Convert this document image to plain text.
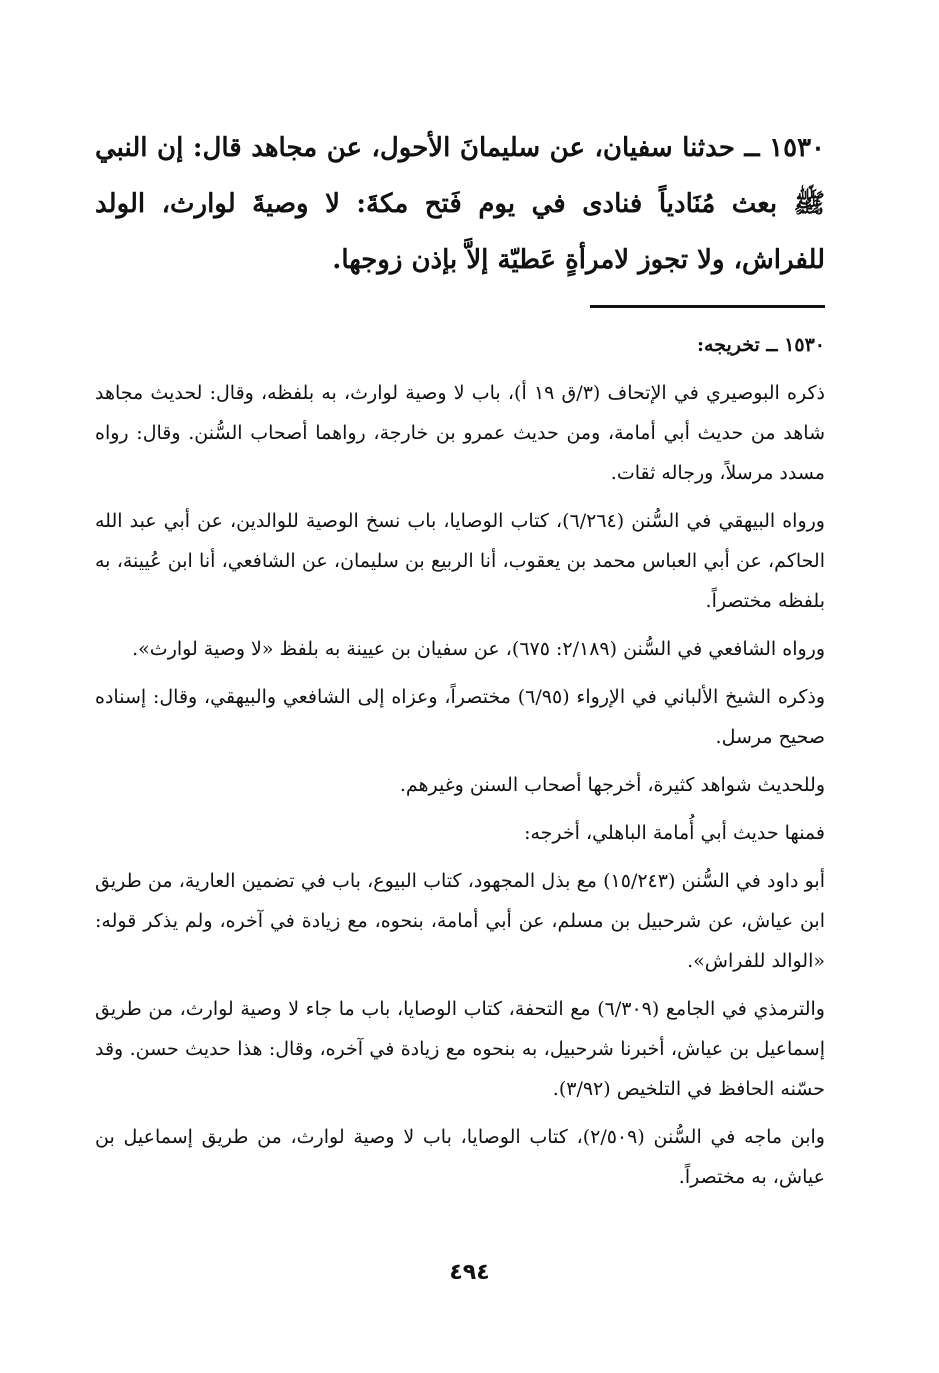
١٥٣٠ ــ حدثنا سفيان، عن سليمانَ الأحول، عن مجاهد قال: إن النبي ﷺ بعث مُنَادياً فنادى في يوم فَتح مكةَ: لا وصيةَ لوارث، الولد للفراش، ولا تجوز لامرأةٍ عَطيّة إلاَّ بإذن زوجها.

١٥٣٠ ــ تخريجه:

ذكره البوصيري في الإتحاف (٣/ق ١٩ أ)، باب لا وصية لوارث، به بلفظه، وقال: لحديث مجاهد شاهد من حديث أبي أمامة، ومن حديث عمرو بن خارجة، رواهما أصحاب السُّنن. وقال: رواه مسدد مرسلاً، ورجاله ثقات.

ورواه البيهقي في السُّنن (٦/٢٦٤)، كتاب الوصايا، باب نسخ الوصية للوالدين، عن أبي عبد الله الحاكم، عن أبي العباس محمد بن يعقوب، أنا الربيع بن سليمان، عن الشافعي، أنا ابن عُيينة، به بلفظه مختصراً.

ورواه الشافعي في السُّنن (٢/١٨٩: ٦٧٥)، عن سفيان بن عيينة به بلفظ «لا وصية لوارث».

وذكره الشيخ الألباني في الإرواء (٦/٩٥) مختصراً، وعزاه إلى الشافعي والبيهقي، وقال: إسناده صحيح مرسل.

وللحديث شواهد كثيرة، أخرجها أصحاب السنن وغيرهم.

فمنها حديث أبي أُمامة الباهلي، أخرجه:

أبو داود في السُّنن (١٥/٢٤٣) مع بذل المجهود، كتاب البيوع، باب في تضمين العارية، من طريق ابن عياش، عن شرحبيل بن مسلم، عن أبي أمامة، بنحوه، مع زيادة في آخره، ولم يذكر قوله: «الوالد للفراش».

والترمذي في الجامع (٦/٣٠٩) مع التحفة، كتاب الوصايا، باب ما جاء لا وصية لوارث، من طريق إسماعيل بن عياش، أخبرنا شرحبيل، به بنحوه مع زيادة في آخره، وقال: هذا حديث حسن. وقد حسّنه الحافظ في التلخيص (٣/٩٢).

وابن ماجه في السُّنن (٢/٥٠٩)، كتاب الوصايا، باب لا وصية لوارث، من طريق إسماعيل بن عياش، به مختصراً.

٤٩٤
